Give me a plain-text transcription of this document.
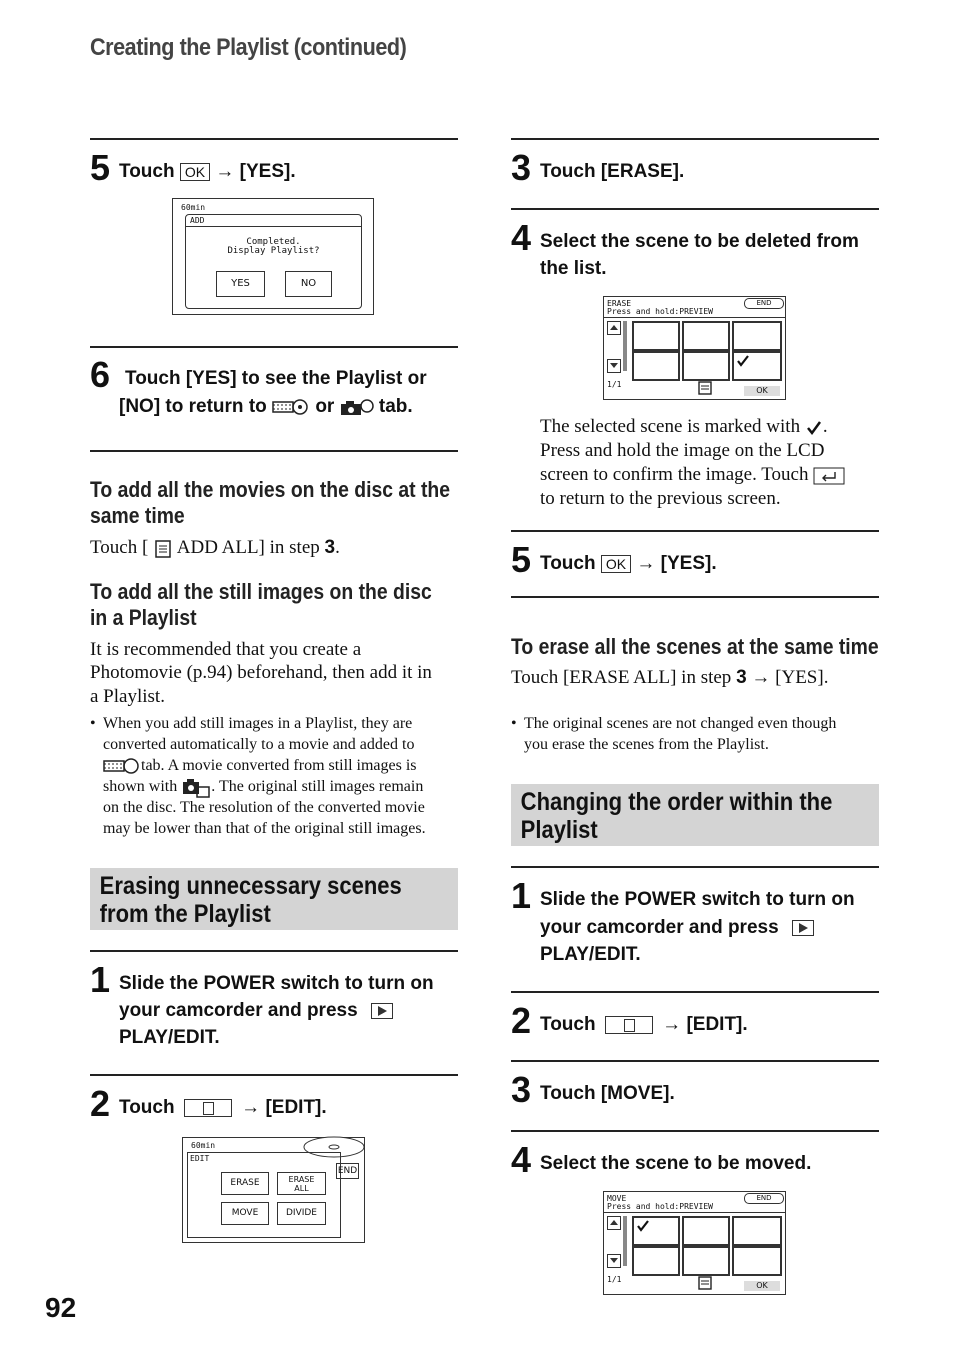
Creating the Playlist (continued)
5 Touch OK → [YES].
60min
ADD
Completed.
Display Playlist?
YES	NO
6 Touch [YES] to see the Playlist or
[NO] to return to	or tab.
To add all the movies on the disc at the
same time
Touch [ ADD ALL] in step 3.
To add all the still images on the disc
in a Playlist
It is recommended that you create a
Photomovie (p.94) beforehand, then add it in
a Playlist.
• When you add still images in a Playlist, they are
converted automatically to a movie and added to
tab. A movie converted from still images is
shown with . The original still images remain
on the disc. The resolution of the converted movie
may be lower than that of the original still images.
Erasing unnecessary scenes
from the Playlist
1 Slide the POWER switch to turn on
your camcorder and press
PLAY/EDIT.
2 Touch	→ [EDIT].
60min
EDIT
END
ERASE	ERASE
ALL
MOVE	DIVIDE
92
3 Touch [ERASE].
4 Select the scene to be deleted from
the list.
ERASE
Press and hold:PREVIEW
END
1/1
OK
The selected scene is marked with .
Press and hold the image on the LCD
screen to confirm the image. Touch
to return to the previous screen.
5 Touch OK → [YES].
To erase all the scenes at the same time
Touch [ERASE ALL] in step 3 → [YES].
• The original scenes are not changed even though
you erase the scenes from the Playlist.
Changing the order within the
Playlist
1 Slide the POWER switch to turn on
your camcorder and press
PLAY/EDIT.
2 Touch	→ [EDIT].
3 Touch [MOVE].
4 Select the scene to be moved.
MOVE
Press and hold:PREVIEW
END
1/1
OK
